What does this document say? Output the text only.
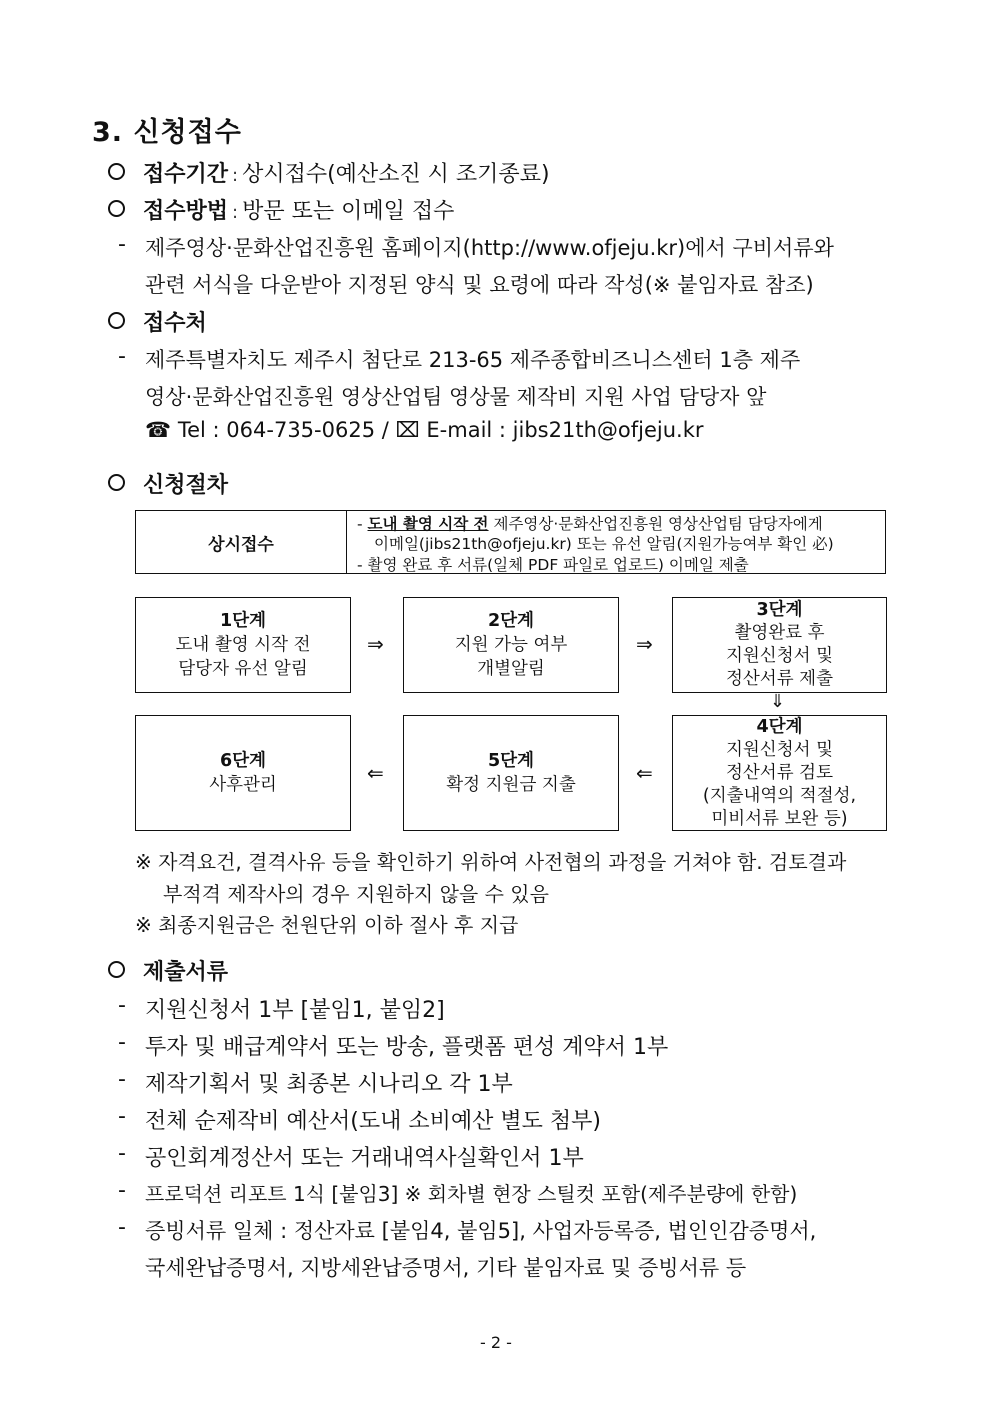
3. 신청접수
접수기간 : 상시접수(예산소진 시 조기종료)
접수방법 : 방문 또는 이메일 접수
- 제주영상·문화산업진흥원 홈페이지(http://www.ofjeju.kr)에서 구비서류와
관련 서식을 다운받아 지정된 양식 및 요령에 따라 작성(※ 붙임자료 참조)
접수처
- 제주특별자치도 제주시 첨단로 213-65 제주종합비즈니스센터 1층 제주
영상·문화산업진흥원 영상산업팀 영상물 제작비 지원 사업 담당자 앞
☎ Tel : 064-735-0625 / ⌧ E-mail : jibs21th@ofjeju.kr
신청절차
상시접수
- 도내 촬영 시작 전 제주영상·문화산업진흥원 영상산업팀 담당자에게
이메일(jibs21th@ofjeju.kr) 또는 유선 알림(지원가능여부 확인 必)
- 촬영 완료 후 서류(일체 PDF 파일로 업로드) 이메일 제출
1단계
도내 촬영 시작 전
담당자 유선 알림
⇒
2단계
지원 가능 여부
개별알림
⇒
3단계
촬영완료 후
지원신청서 및
정산서류 제출
⇓
6단계
사후관리	⇐	5단계
확정 지원금 지출	⇐
4단계
지원신청서 및
정산서류 검토
(지출내역의 적절성,
미비서류 보완 등)
※ 자격요건, 결격사유 등을 확인하기 위하여 사전협의 과정을 거쳐야 함. 검토결과
부적격 제작사의 경우 지원하지 않을 수 있음
※ 최종지원금은 천원단위 이하 절사 후 지급
제출서류
- 지원신청서 1부 [붙임1, 붙임2]
- 투자 및 배급계약서 또는 방송, 플랫폼 편성 계약서 1부
- 제작기획서 및 최종본 시나리오 각 1부
- 전체 순제작비 예산서(도내 소비예산 별도 첨부)
- 공인회계정산서 또는 거래내역사실확인서 1부
- 프로덕션 리포트 1식 [붙임3] ※ 회차별 현장 스틸컷 포함(제주분량에 한함)
- 증빙서류 일체 : 정산자료 [붙임4, 붙임5], 사업자등록증, 법인인감증명서,
국세완납증명서, 지방세완납증명서, 기타 붙임자료 및 증빙서류 등
- 2 -
